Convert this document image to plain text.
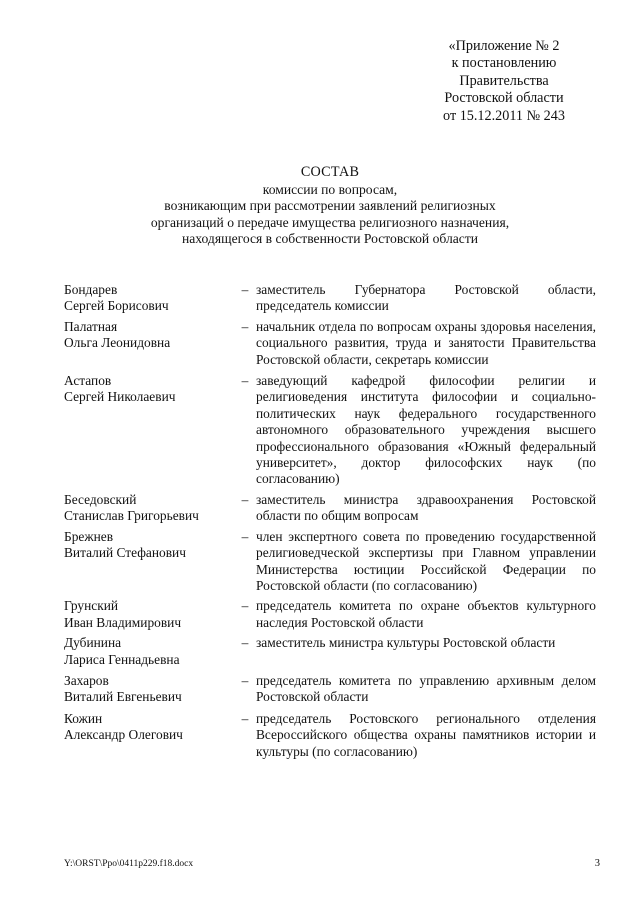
«Приложение № 2
к постановлению
Правительства
Ростовской области
от 15.12.2011 № 243
СОСТАВ
комиссии по вопросам,
возникающим при рассмотрении заявлений религиозных
организаций о передаче имущества религиозного назначения,
находящегося в собственности Ростовской области
Бондарев
Сергей Борисович
– заместитель Губернатора Ростовской области, председатель комиссии
Палатная
Ольга Леонидовна
– начальник отдела по вопросам охраны здоровья населения, социального развития, труда и занятости Правительства Ростовской области, секретарь комиссии
Астапов
Сергей Николаевич
– заведующий кафедрой философии религии и религиоведения института философии и социально-политических наук федерального государственного автономного образовательного учреждения высшего профессионального образования «Южный федеральный университет», доктор философских наук (по согласованию)
Беседовский
Станислав Григорьевич
– заместитель министра здравоохранения Ростовской области по общим вопросам
Брежнев
Виталий Стефанович
– член экспертного совета по проведению государственной религиоведческой экспертизы при Главном управлении Министерства юстиции Российской Федерации по Ростовской области (по согласованию)
Грунский
Иван Владимирович
– председатель комитета по охране объектов культурного наследия Ростовской области
Дубинина
Лариса Геннадьевна
– заместитель министра культуры Ростовской области
Захаров
Виталий Евгеньевич
– председатель комитета по управлению архивным делом Ростовской области
Кожин
Александр Олегович
– председатель Ростовского регионального отделения Всероссийского общества охраны памятников истории и культуры (по согласованию)
Y:\ORST\Ppo\0411p229.f18.docx	3
